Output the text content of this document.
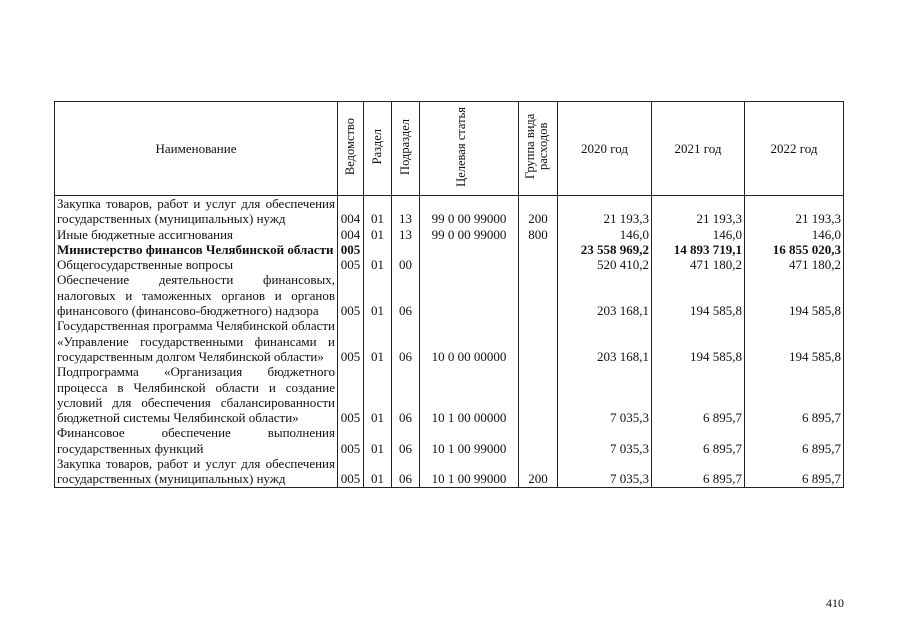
Наименование	Ведомство	Раздел	Подраздел	Целевая статья	Группа вида расходов	2020 год	2021 год	2022 год
Закупка товаров, работ и услуг для обеспечения государственных (муниципальных) нужд	004	01	13	99 0 00 99000	200	21 193,3	21 193,3	21 193,3
Иные бюджетные ассигнования	004	01	13	99 0 00 99000	800	146,0	146,0	146,0
Министерство финансов Челябинской области	005					23 558 969,2	14 893 719,1	16 855 020,3
Общегосударственные вопросы	005	01	00			520 410,2	471 180,2	471 180,2
Обеспечение деятельности финансовых, налоговых и таможенных органов и органов финансового (финансово-бюджетного) надзора	005	01	06			203 168,1	194 585,8	194 585,8
Государственная программа Челябинской области «Управление государственными финансами и государственным долгом Челябинской области»	005	01	06	10 0 00 00000		203 168,1	194 585,8	194 585,8
Подпрограмма «Организация бюджетного процесса в Челябинской области и создание условий для обеспечения сбалансированности бюджетной системы Челябинской области»	005	01	06	10 1 00 00000		7 035,3	6 895,7	6 895,7
Финансовое обеспечение выполнения государственных функций	005	01	06	10 1 00 99000		7 035,3	6 895,7	6 895,7
Закупка товаров, работ и услуг для обеспечения государственных (муниципальных) нужд	005	01	06	10 1 00 99000	200	7 035,3	6 895,7	6 895,7
410
